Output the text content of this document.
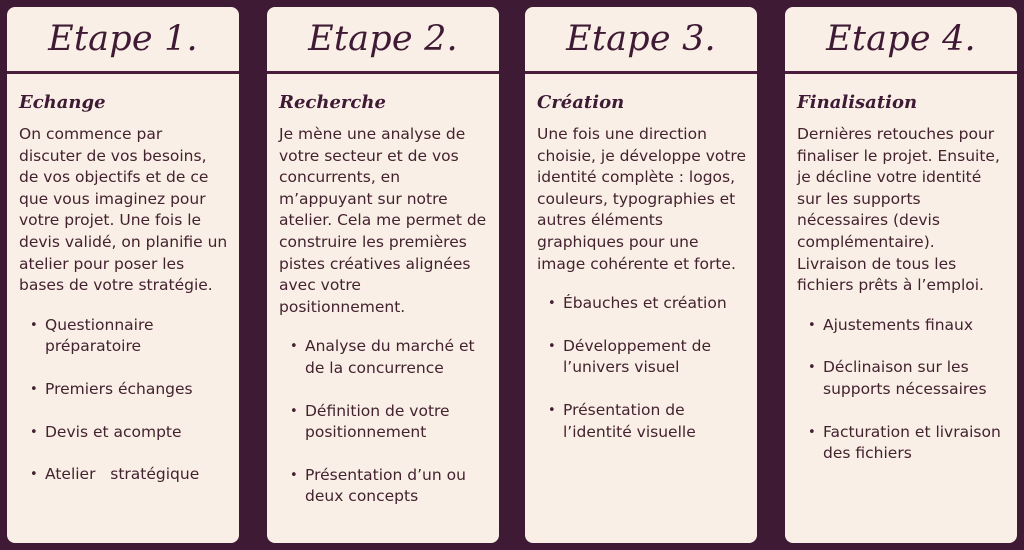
Etape 1.
Echange

On commence par discuter de vos besoins, de vos objectifs et de ce que vous imaginez pour votre projet. Une fois le devis validé, on planifie un atelier pour poser les bases de votre stratégie.

• Questionnaire préparatoire
• Premiers échanges
• Devis et acompte
• Atelier   stratégique
Etape 2.
Recherche

Je mène une analyse de votre secteur et de vos concurrents, en m’appuyant sur notre atelier. Cela me permet de construire les premières pistes créatives alignées avec votre positionnement.

• Analyse du marché et de la concurrence
• Définition de votre positionnement
• Présentation d’un ou deux concepts
Etape 3.
Création

Une fois une direction choisie, je développe votre identité complète : logos, couleurs, typographies et autres éléments graphiques pour une image cohérente et forte.

• Ébauches et création
• Développement de l’univers visuel
• Présentation de l’identité visuelle
Etape 4.
Finalisation

Dernières retouches pour finaliser le projet. Ensuite, je décline votre identité sur les supports nécessaires (devis complémentaire). Livraison de tous les fichiers prêts à l’emploi.

• Ajustements finaux
• Déclinaison sur les supports nécessaires
• Facturation et livraison des fichiers
